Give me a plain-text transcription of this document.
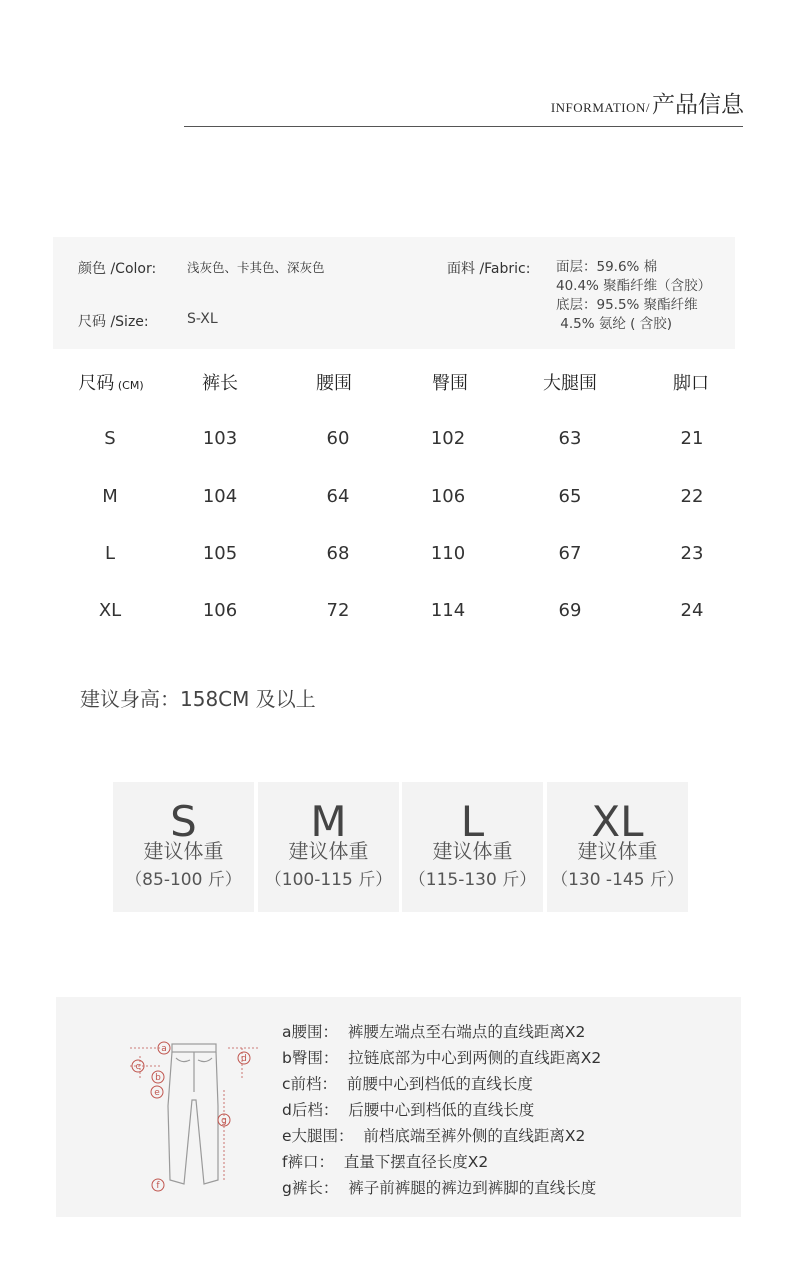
INFORMATION/产品信息
颜色 /Color: 浅灰色、卡其色、深灰色
尺码 /Size:	S-XL
面料 /Fabric: 面层：59.6% 棉
40.4% 聚酯纤维（含胶）
底层：95.5% 聚酯纤维
4.5% 氨纶 ( 含胶)
尺码 (CM)	裤长	腰围	臀围	大腿围	脚口
S	103	60	102	63	21
M	104	64	106	65	22
L	105	68	110	67	23
XL	106	72	114	69	24
建议身高：158CM 及以上
S
建议体重
（85-100 斤）
M
建议体重
（100-115 斤）
L
建议体重
（115-130 斤）
XL
建议体重
（130 -145 斤）
a
b
c
d
e
f
g
a腰围：  裤腰左端点至右端点的直线距离X2
b臀围：  拉链底部为中心到两侧的直线距离X2
c前档：  前腰中心到档低的直线长度
d后档：  后腰中心到档低的直线长度
e大腿围：  前档底端至裤外侧的直线距离X2
f裤口：  直量下摆直径长度X2
g裤长：  裤子前裤腿的裤边到裤脚的直线长度
